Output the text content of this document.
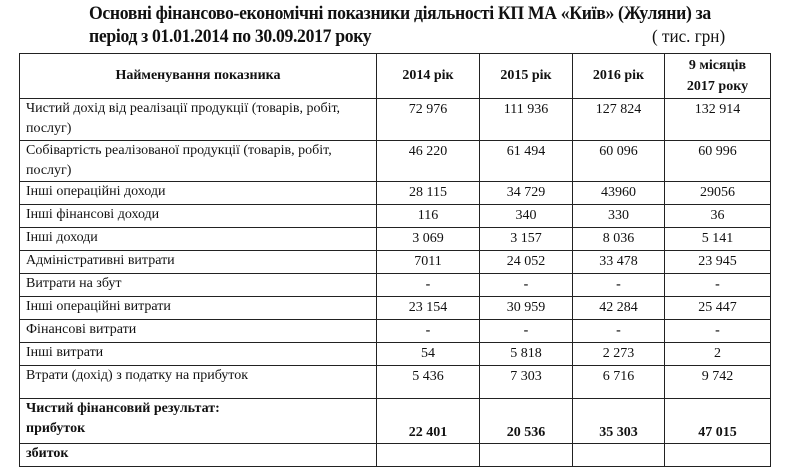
Основні фінансово-економічні показники діяльності КП МА «Київ» (Жуляни) за
період з 01.01.2014 по 30.09.2017 року	( тис. грн)
Найменування показника	2014 рік	2015 рік	2016 рік	9 місяців
2017 року

Чистий дохід від реалізації продукції (товарів, робіт, послуг)	72 976	111 936	127 824	132 914
Собівартість реалізованої продукції (товарів, робіт, послуг)	46 220	61 494	60 096	60 996
Інші операційні доходи	28 115	34 729	43960	29056
Інші фінансові доходи	116	340	330	36
Інші доходи	3 069	3 157	8 036	5 141
Адміністративні витрати	7011	24 052	33 478	23 945
Витрати на збут	-	-	-	-
Інші операційні витрати	23 154	30 959	42 284	25 447
Фінансові витрати	-	-	-	-
Інші витрати	54	5 818	2 273	2
Втрати (дохід) з податку на прибуток	5 436	7 303	6 716	9 742

Чистий фінансовий результат:
прибуток	22 401	20 536	35 303	47 015
збиток				
